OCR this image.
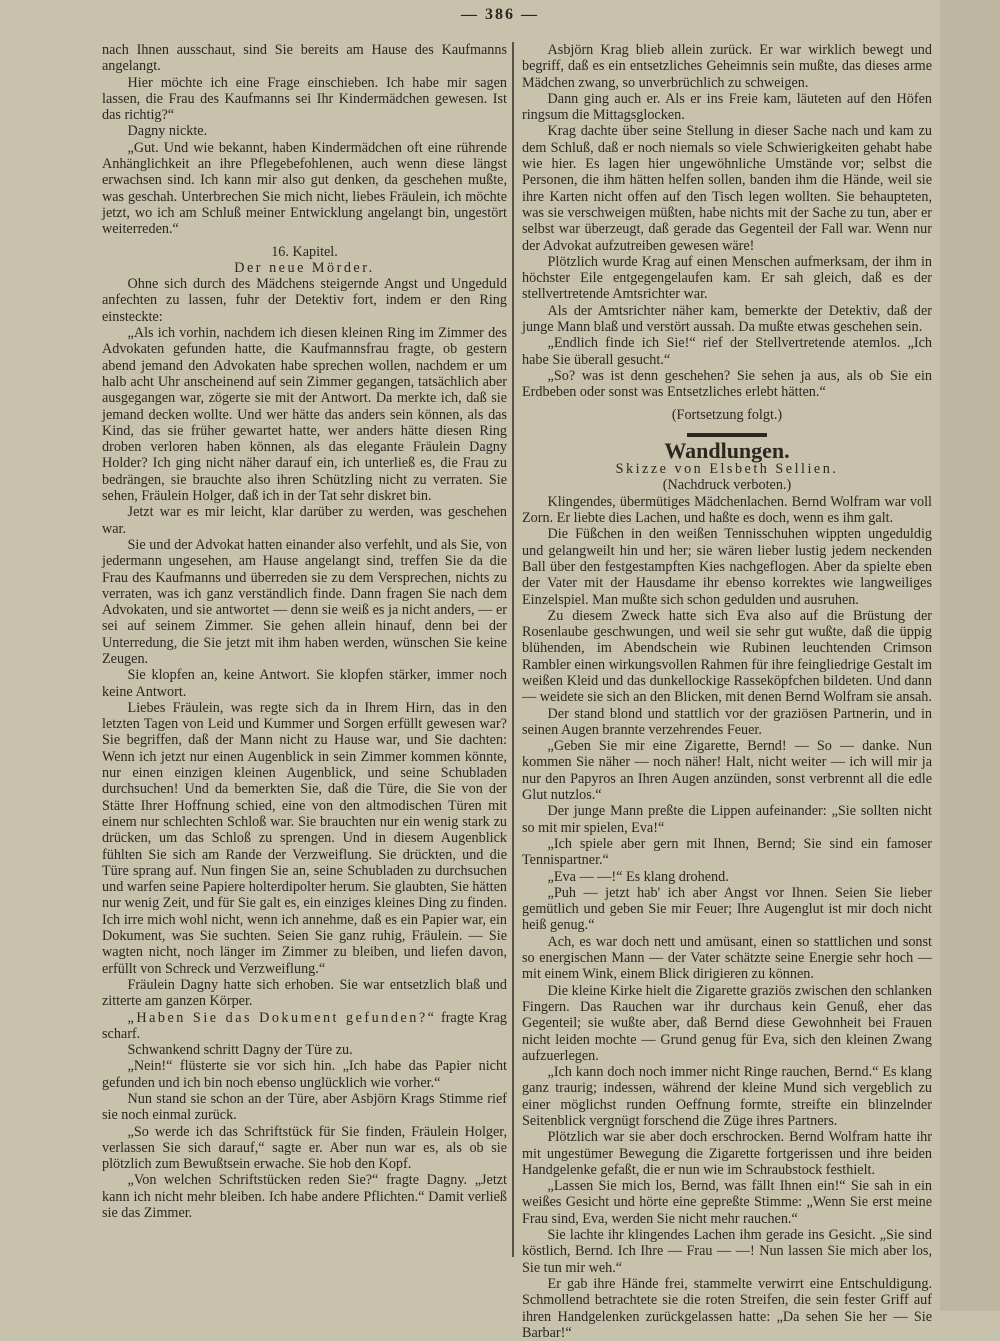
— 386 —

nach Ihnen ausschaut, sind Sie bereits am Hause des Kaufmanns angelangt.

Hier möchte ich eine Frage einschieben. Ich habe mir sagen lassen, die Frau des Kaufmanns sei Ihr Kindermädchen gewesen. Ist das richtig?“

Dagny nickte.

„Gut. Und wie bekannt, haben Kindermädchen oft eine rührende Anhänglichkeit an ihre Pflegebefohlenen, auch wenn diese längst erwachsen sind. Ich kann mir also gut denken, da geschehen mußte, was geschah. Unterbrechen Sie mich nicht, liebes Fräulein, ich möchte jetzt, wo ich am Schluß meiner Entwicklung angelangt bin, ungestört weiterreden.“

16. Kapitel.

Der neue Mörder.

Ohne sich durch des Mädchens steigernde Angst und Ungeduld anfechten zu lassen, fuhr der Detektiv fort, indem er den Ring einsteckte:

„Als ich vorhin, nachdem ich diesen kleinen Ring im Zimmer des Advokaten gefunden hatte, die Kaufmannsfrau fragte, ob gestern abend jemand den Advokaten habe sprechen wollen, nachdem er um halb acht Uhr anscheinend auf sein Zimmer gegangen, tatsächlich aber ausgegangen war, zögerte sie mit der Antwort. Da merkte ich, daß sie jemand decken wollte. Und wer hätte das anders sein können, als das Kind, das sie früher gewartet hatte, wer anders hätte diesen Ring droben verloren haben können, als das elegante Fräulein Dagny Holder? Ich ging nicht näher darauf ein, ich unterließ es, die Frau zu bedrängen, sie brauchte also ihren Schützling nicht zu verraten. Sie sehen, Fräulein Holger, daß ich in der Tat sehr diskret bin.

Jetzt war es mir leicht, klar darüber zu werden, was geschehen war.

Sie und der Advokat hatten einander also verfehlt, und als Sie, von jedermann ungesehen, am Hause angelangt sind, treffen Sie da die Frau des Kaufmanns und überreden sie zu dem Versprechen, nichts zu verraten, was ich ganz verständlich finde. Dann fragen Sie nach dem Advokaten, und sie antwortet — denn sie weiß es ja nicht anders, — er sei auf seinem Zimmer. Sie gehen allein hinauf, denn bei der Unterredung, die Sie jetzt mit ihm haben werden, wünschen Sie keine Zeugen.

Sie klopfen an, keine Antwort. Sie klopfen stärker, immer noch keine Antwort.

Liebes Fräulein, was regte sich da in Ihrem Hirn, das in den letzten Tagen von Leid und Kummer und Sorgen erfüllt gewesen war? Sie begriffen, daß der Mann nicht zu Hause war, und Sie dachten: Wenn ich jetzt nur einen Augenblick in sein Zimmer kommen könnte, nur einen einzigen kleinen Augenblick, und seine Schubladen durchsuchen! Und da bemerkten Sie, daß die Türe, die Sie von der Stätte Ihrer Hoffnung schied, eine von den altmodischen Türen mit einem nur schlechten Schloß war. Sie brauchten nur ein wenig stark zu drücken, um das Schloß zu sprengen. Und in diesem Augenblick fühlten Sie sich am Rande der Verzweiflung. Sie drückten, und die Türe sprang auf. Nun fingen Sie an, seine Schubladen zu durchsuchen und warfen seine Papiere holterdipolter herum. Sie glaubten, Sie hätten nur wenig Zeit, und für Sie galt es, ein einziges kleines Ding zu finden. Ich irre mich wohl nicht, wenn ich annehme, daß es ein Papier war, ein Dokument, was Sie suchten. Seien Sie ganz ruhig, Fräulein. — Sie wagten nicht, noch länger im Zimmer zu bleiben, und liefen davon, erfüllt von Schreck und Verzweiflung.“

Fräulein Dagny hatte sich erhoben. Sie war entsetzlich blaß und zitterte am ganzen Körper.

„Haben Sie das Dokument gefunden?“ fragte Krag scharf.

Schwankend schritt Dagny der Türe zu.

„Nein!“ flüsterte sie vor sich hin. „Ich habe das Papier nicht gefunden und ich bin noch ebenso unglücklich wie vorher.“

Nun stand sie schon an der Türe, aber Asbjörn Krags Stimme rief sie noch einmal zurück.

„So werde ich das Schriftstück für Sie finden, Fräulein Holger, verlassen Sie sich darauf,“ sagte er. Aber nun war es, als ob sie plötzlich zum Bewußtsein erwache. Sie hob den Kopf.

„Von welchen Schriftstücken reden Sie?“ fragte Dagny. „Jetzt kann ich nicht mehr bleiben. Ich habe andere Pflichten.“ Damit verließ sie das Zimmer.

Asbjörn Krag blieb allein zurück. Er war wirklich bewegt und begriff, daß es ein entsetzliches Geheimnis sein mußte, das dieses arme Mädchen zwang, so unverbrüchlich zu schweigen.

Dann ging auch er. Als er ins Freie kam, läuteten auf den Höfen ringsum die Mittagsglocken.

Krag dachte über seine Stellung in dieser Sache nach und kam zu dem Schluß, daß er noch niemals so viele Schwierigkeiten gehabt habe wie hier. Es lagen hier ungewöhnliche Umstände vor; selbst die Personen, die ihm hätten helfen sollen, banden ihm die Hände, weil sie ihre Karten nicht offen auf den Tisch legen wollten. Sie behaupteten, was sie verschweigen müßten, habe nichts mit der Sache zu tun, aber er selbst war überzeugt, daß gerade das Gegenteil der Fall war. Wenn nur der Advokat aufzutreiben gewesen wäre!

Plötzlich wurde Krag auf einen Menschen aufmerksam, der ihm in höchster Eile entgegengelaufen kam. Er sah gleich, daß es der stellvertretende Amtsrichter war.

Als der Amtsrichter näher kam, bemerkte der Detektiv, daß der junge Mann blaß und verstört aussah. Da mußte etwas geschehen sein.

„Endlich finde ich Sie!“ rief der Stellvertretende atemlos. „Ich habe Sie überall gesucht.“

„So? was ist denn geschehen? Sie sehen ja aus, als ob Sie ein Erdbeben oder sonst was Entsetzliches erlebt hätten.“

(Fortsetzung folgt.)

Wandlungen.

Skizze von Elsbeth Sellien.

(Nachdruck verboten.)

Klingendes, übermütiges Mädchenlachen. Bernd Wolfram war voll Zorn. Er liebte dies Lachen, und haßte es doch, wenn es ihm galt.

Die Füßchen in den weißen Tennisschuhen wippten ungeduldig und gelangweilt hin und her; sie wären lieber lustig jedem neckenden Ball über den festgestampften Kies nachgeflogen. Aber da spielte eben der Vater mit der Hausdame ihr ebenso korrektes wie langweiliges Einzelspiel. Man mußte sich schon gedulden und ausruhen.

Zu diesem Zweck hatte sich Eva also auf die Brüstung der Rosenlaube geschwungen, und weil sie sehr gut wußte, daß die üppig blühenden, im Abendschein wie Rubinen leuchtenden Crimson Rambler einen wirkungsvollen Rahmen für ihre feingliedrige Gestalt im weißen Kleid und das dunkellockige Rasseköpfchen bildeten. Und dann — weidete sie sich an den Blicken, mit denen Bernd Wolfram sie ansah.

Der stand blond und stattlich vor der graziösen Partnerin, und in seinen Augen brannte verzehrendes Feuer.

„Geben Sie mir eine Zigarette, Bernd! — So — danke. Nun kommen Sie näher — noch näher! Halt, nicht weiter — ich will mir ja nur den Papyros an Ihren Augen anzünden, sonst verbrennt all die edle Glut nutzlos.“

Der junge Mann preßte die Lippen aufeinander: „Sie sollten nicht so mit mir spielen, Eva!“

„Ich spiele aber gern mit Ihnen, Bernd; Sie sind ein famoser Tennispartner.“

„Eva — —!“ Es klang drohend.

„Puh — jetzt hab' ich aber Angst vor Ihnen. Seien Sie lieber gemütlich und geben Sie mir Feuer; Ihre Augenglut ist mir doch nicht heiß genug.“

Ach, es war doch nett und amüsant, einen so stattlichen und sonst so energischen Mann — der Vater schätzte seine Energie sehr hoch — mit einem Wink, einem Blick dirigieren zu können.

Die kleine Kirke hielt die Zigarette graziös zwischen den schlanken Fingern. Das Rauchen war ihr durchaus kein Genuß, eher das Gegenteil; sie wußte aber, daß Bernd diese Gewohnheit bei Frauen nicht leiden mochte — Grund genug für Eva, sich den kleinen Zwang aufzuerlegen.

„Ich kann doch noch immer nicht Ringe rauchen, Bernd.“ Es klang ganz traurig; indessen, während der kleine Mund sich vergeblich zu einer möglichst runden Oeffnung formte, streifte ein blinzelnder Seitenblick vergnügt forschend die Züge ihres Partners.

Plötzlich war sie aber doch erschrocken. Bernd Wolfram hatte ihr mit ungestümer Bewegung die Zigarette fortgerissen und ihre beiden Handgelenke gefaßt, die er nun wie im Schraubstock festhielt.

„Lassen Sie mich los, Bernd, was fällt Ihnen ein!“ Sie sah in ein weißes Gesicht und hörte eine gepreßte Stimme: „Wenn Sie erst meine Frau sind, Eva, werden Sie nicht mehr rauchen.“

Sie lachte ihr klingendes Lachen ihm gerade ins Gesicht. „Sie sind köstlich, Bernd. Ich Ihre — Frau — —! Nun lassen Sie mich aber los, Sie tun mir weh.“

Er gab ihre Hände frei, stammelte verwirrt eine Entschuldigung. Schmollend betrachtete sie die roten Streifen, die sein fester Griff auf ihren Handgelenken zurückgelassen hatte: „Da sehen Sie her — Sie Barbar!“
